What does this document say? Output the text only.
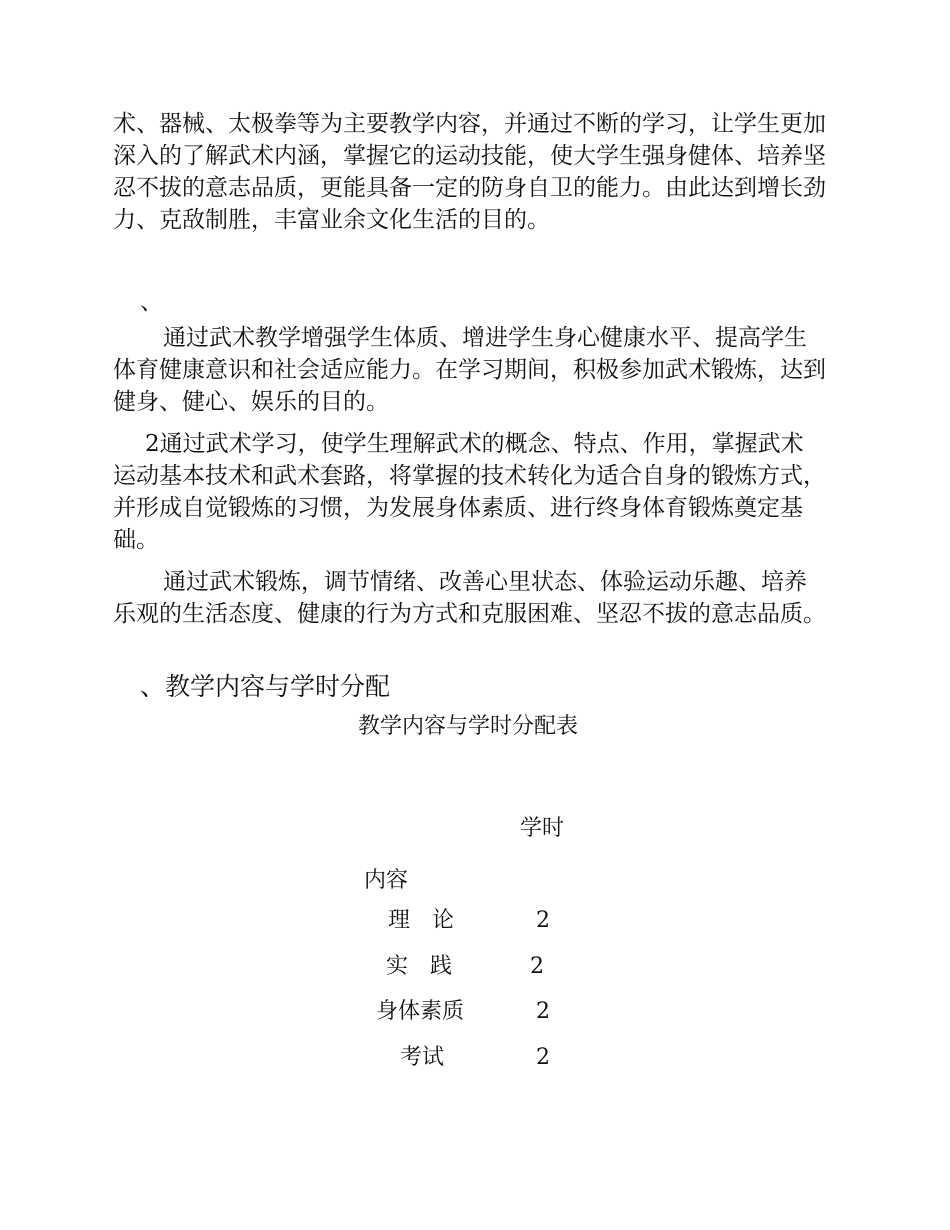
术、器械、太极拳等为主要教学内容，并通过不断的学习，让学生更加
深入的了解武术内涵，掌握它的运动技能，使大学生强身健体、培养坚
忍不拔的意志品质，更能具备一定的防身自卫的能力。由此达到增长劲
力、克敌制胜，丰富业余文化生活的目的。
、
通过武术教学增强学生体质、增进学生身心健康水平、提高学生
体育健康意识和社会适应能力。在学习期间，积极参加武术锻炼，达到
健身、健心、娱乐的目的。
2通过武术学习，使学生理解武术的概念、特点、作用，掌握武术
运动基本技术和武术套路，将掌握的技术转化为适合自身的锻炼方式，
并形成自觉锻炼的习惯，为发展身体素质、进行终身体育锻炼奠定基
础。
通过武术锻炼，调节情绪、改善心里状态、体验运动乐趣、培养
乐观的生活态度、健康的行为方式和克服困难、坚忍不拔的意志品质。
、教学内容与学时分配
教学内容与学时分配表
学时
内容
理　论	2
实　践	2
身体素质	2
考试	2
